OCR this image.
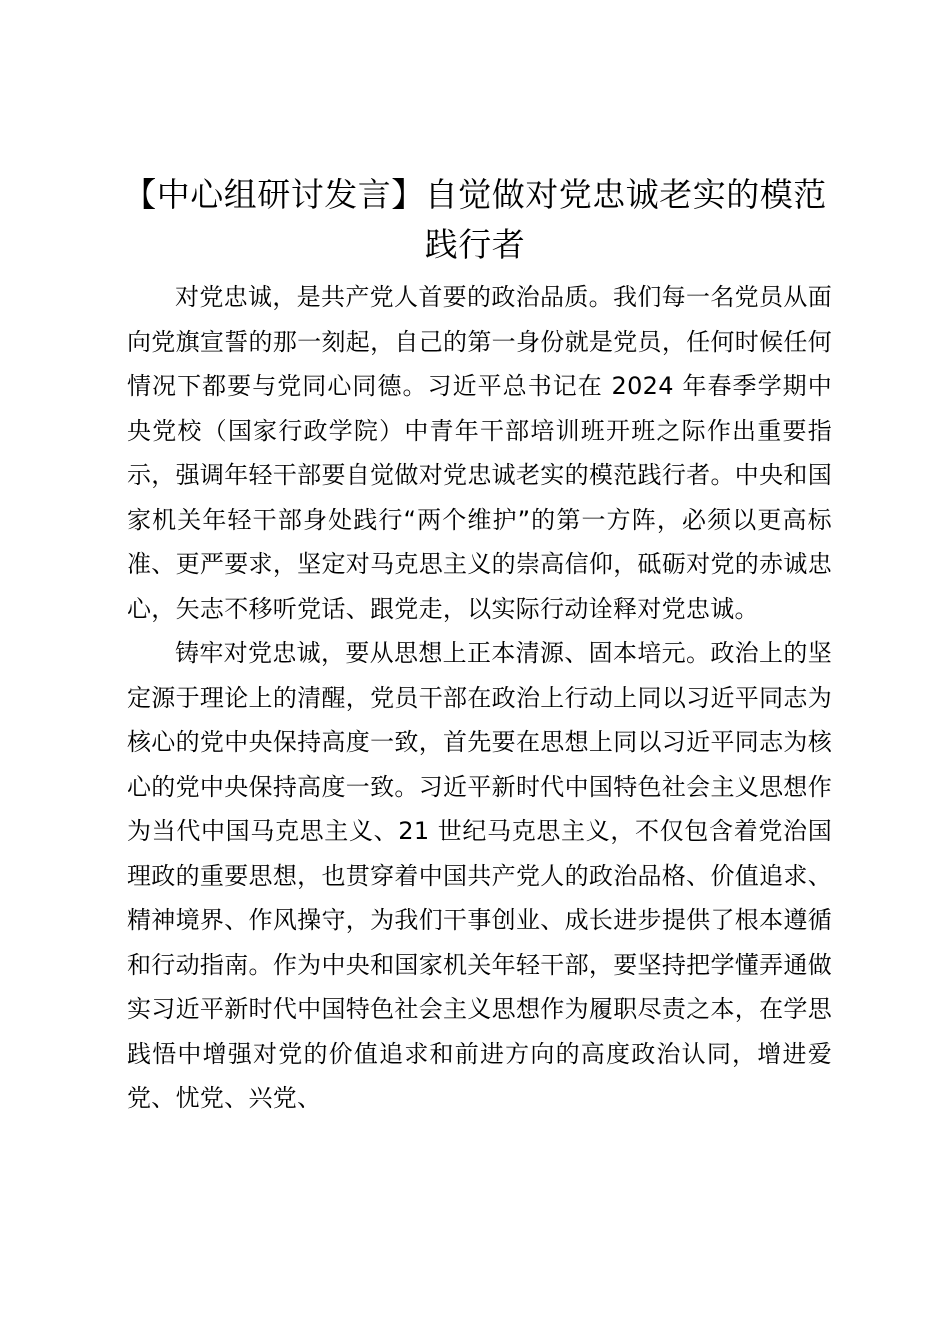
【中心组研讨发言】自觉做对党忠诚老实的模范践行者

对党忠诚，是共产党人首要的政治品质。我们每一名党员从面向党旗宣誓的那一刻起，自己的第一身份就是党员，任何时候任何情况下都要与党同心同德。习近平总书记在 2024 年春季学期中央党校（国家行政学院）中青年干部培训班开班之际作出重要指示，强调年轻干部要自觉做对党忠诚老实的模范践行者。中央和国家机关年轻干部身处践行“两个维护”的第一方阵，必须以更高标准、更严要求，坚定对马克思主义的崇高信仰，砥砺对党的赤诚忠心，矢志不移听党话、跟党走，以实际行动诠释对党忠诚。

铸牢对党忠诚，要从思想上正本清源、固本培元。政治上的坚定源于理论上的清醒，党员干部在政治上行动上同以习近平同志为核心的党中央保持高度一致，首先要在思想上同以习近平同志为核心的党中央保持高度一致。习近平新时代中国特色社会主义思想作为当代中国马克思主义、21 世纪马克思主义，不仅包含着党治国理政的重要思想，也贯穿着中国共产党人的政治品格、价值追求、精神境界、作风操守，为我们干事创业、成长进步提供了根本遵循和行动指南。作为中央和国家机关年轻干部，要坚持把学懂弄通做实习近平新时代中国特色社会主义思想作为履职尽责之本，在学思践悟中增强对党的价值追求和前进方向的高度政治认同，增进爱党、忧党、兴党、
